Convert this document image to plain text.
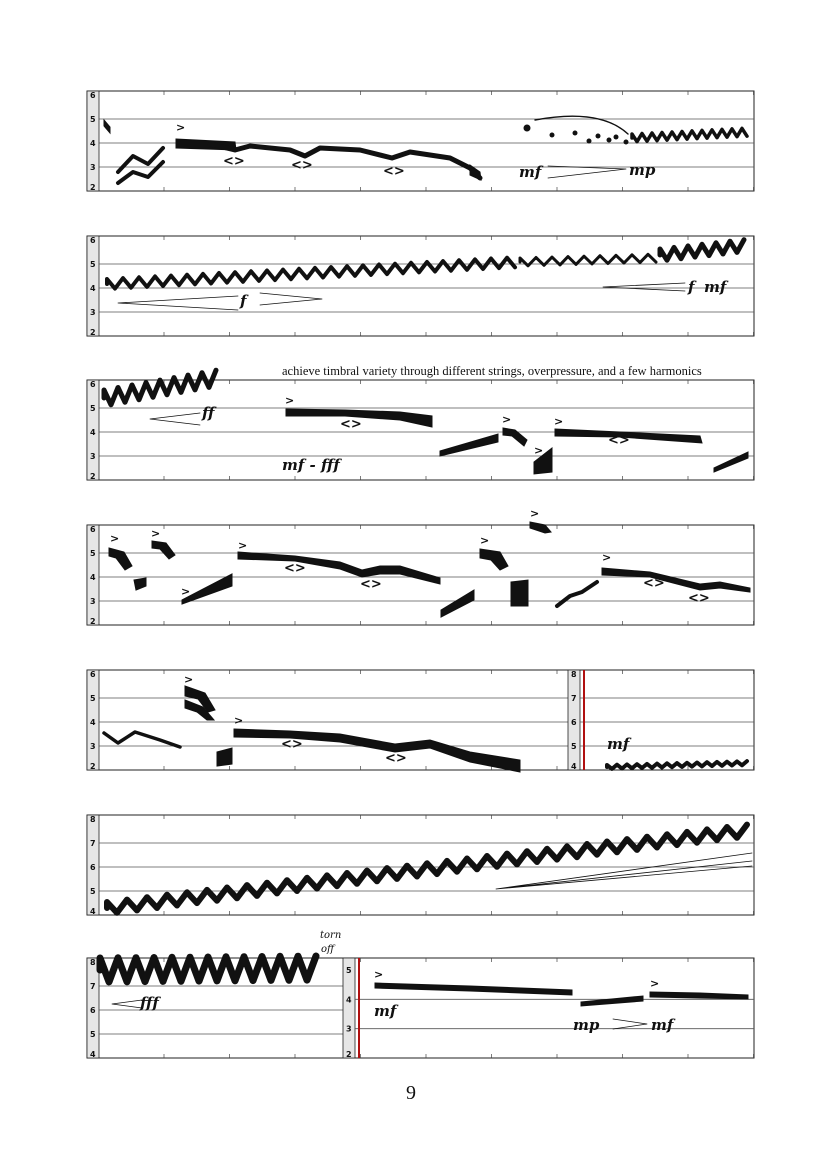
6
5
4
3
2
6
5
4
3
2
6
5
4
3
2
6
5
4
3
2
6
5
4
3
2
8
7
6
5
4
8
7
6
5
4
8
7
6
5
4
5
4
3
2
mf	mp
<>	<>	<>
f
f mf
achieve timbral variety through different strings, overpressure, and a few harmonics
ff
mf - fff
<>
<>
<>
<>	<>
<>
mf
<>
<>
torn
off
fff	mf
mp	mf
9
>
>
>
>
>
>	>
>
>	>
>
>
>
>
>
>
